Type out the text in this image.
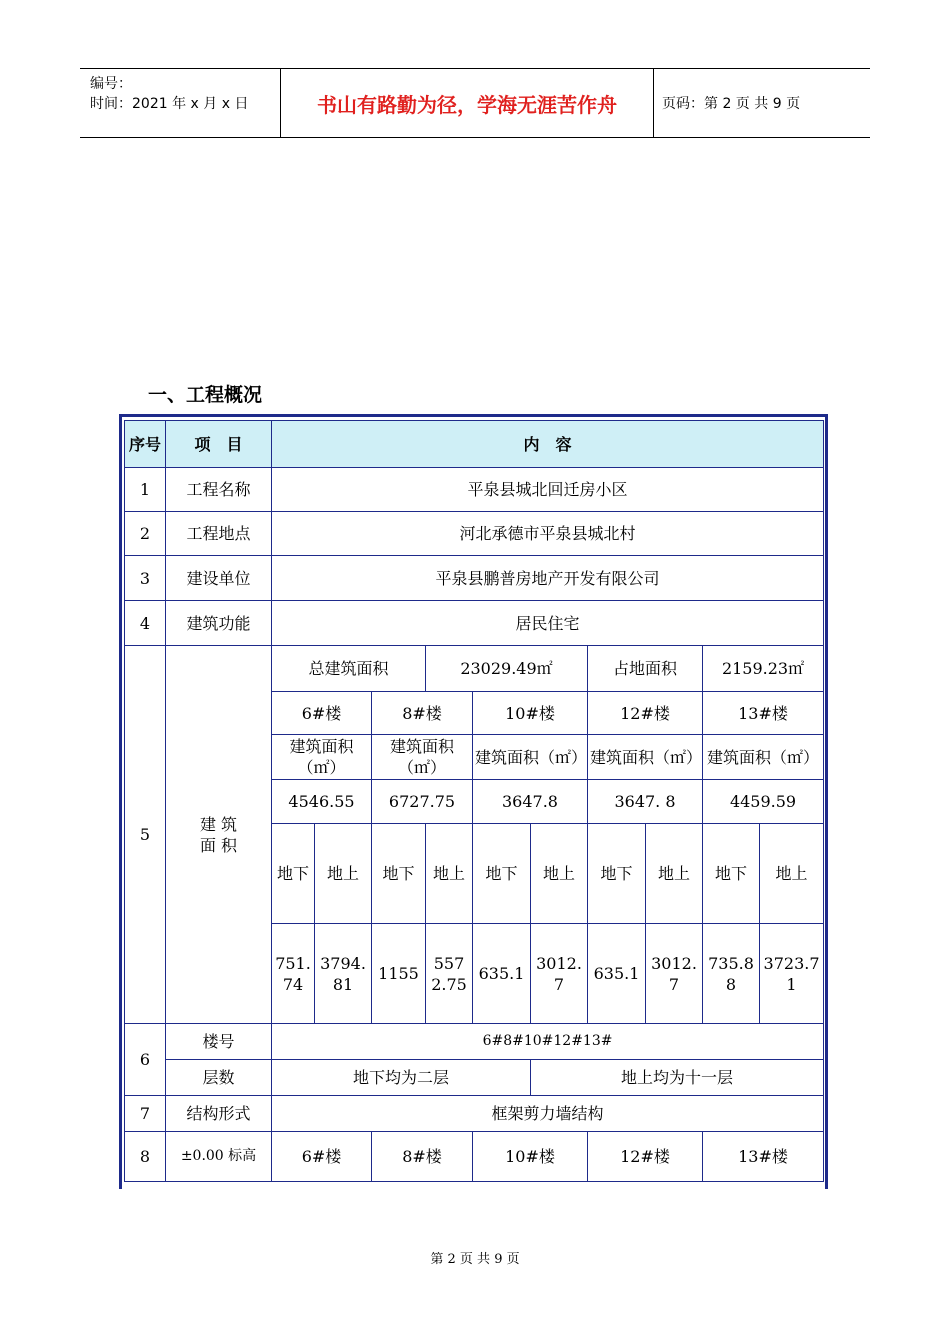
编号：
时间：2021 年 x 月 x 日	书山有路勤为径，学海无涯苦作舟	页码：第 2 页 共 9 页
一、工程概况
序号	项　目	内　容									
1	工程名称	平泉县城北回迁房小区									
2	工程地点	河北承德市平泉县城北村									
3	建设单位	平泉县鹏普房地产开发有限公司									
4	建筑功能	居民住宅									
5	建 筑 面 积	总建筑面积			23029.49㎡			占地面积		2159.23㎡	
		6#楼		8#楼		10#楼		12#楼		13#楼	
		建筑面积（㎡）		建筑面积（㎡）		建筑面积（㎡）		建筑面积（㎡）		建筑面积（㎡）	
		4546.55		6727.75		3647.8		3647. 8		4459.59	
		地下	地上	地下	地上	地下	地上	地下	地上	地下	地上
		751.74	3794.81	1155	5572.75	635.1	3012.7	635.1	3012.7	735.88	3723.71
6	楼号	6#8#10#12#13#									
	层数	地下均为二层					地上均为十一层				
7	结构形式	框架剪力墙结构									
8	±0.00 标高	6#楼		8#楼		10#楼		12#楼		13#楼	
第 2 页 共 9 页
